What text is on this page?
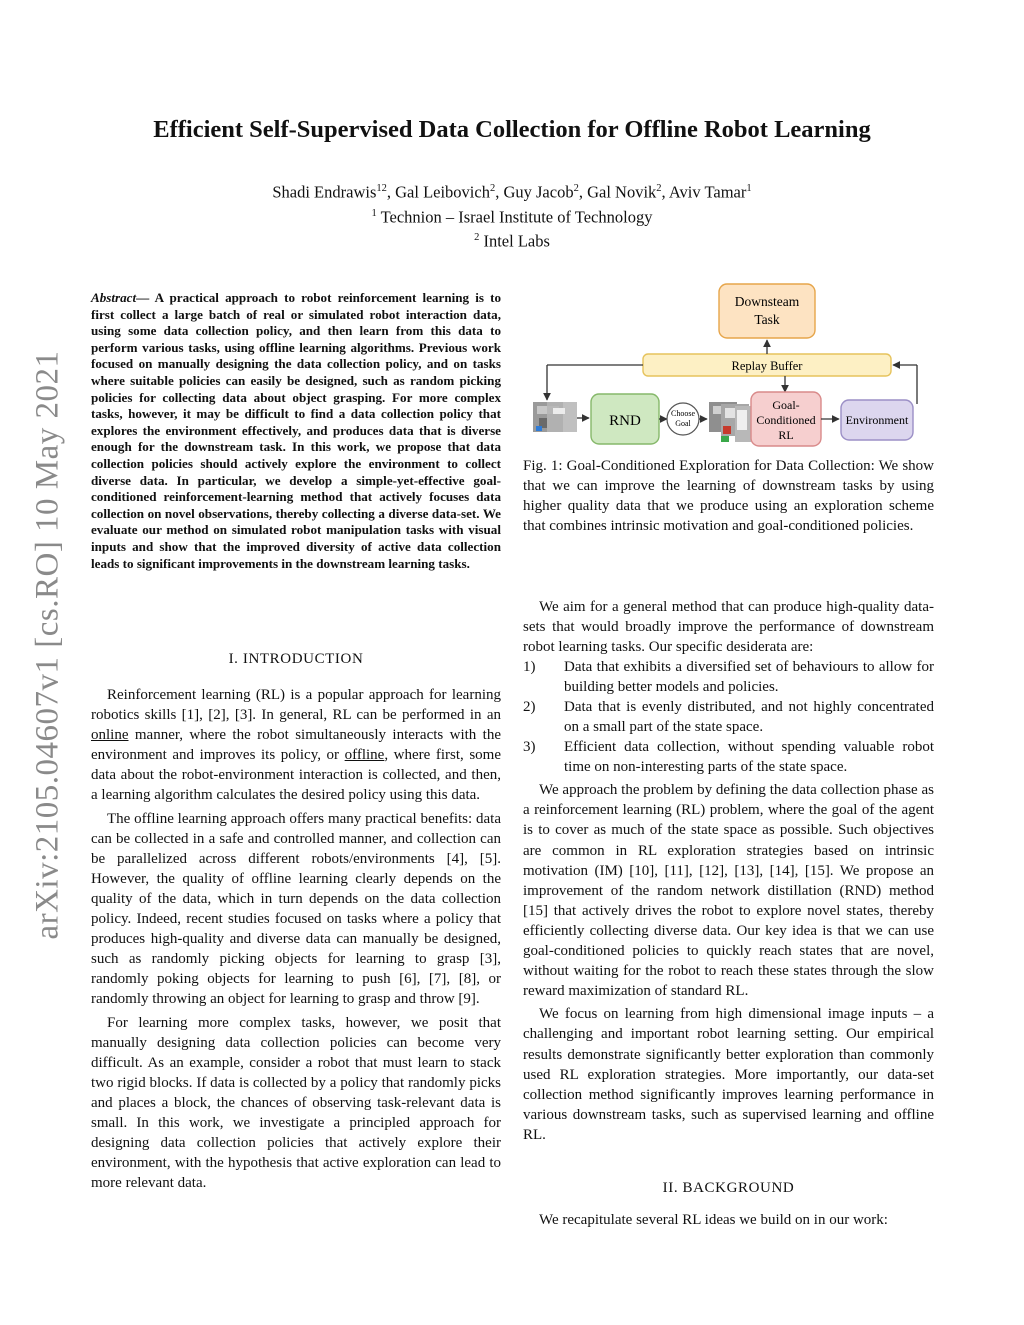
arXiv:2105.04607v1 [cs.RO] 10 May 2021
Efficient Self-Supervised Data Collection for Offline Robot Learning
Shadi Endrawis$^{12}$, Gal Leibovich$^2$, Guy Jacob$^2$, Gal Novik$^2$, Aviv Tamar$^1$
$^1$ Technion – Israel Institute of Technology
$^2$ Intel Labs
Abstract— A practical approach to robot reinforcement learning is to first collect a large batch of real or simulated robot interaction data, using some data collection policy, and then learn from this data to perform various tasks, using offline learning algorithms. Previous work focused on manually designing the data collection policy, and on tasks where suitable policies can easily be designed, such as random picking policies for collecting data about object grasping. For more complex tasks, however, it may be difficult to find a data collection policy that explores the environment effectively, and produces data that is diverse enough for the downstream task. In this work, we propose that data collection policies should actively explore the environment to collect diverse data. In particular, we develop a simple-yet-effective goal-conditioned reinforcement-learning method that actively focuses data collection on novel observations, thereby collecting a diverse data-set. We evaluate our method on simulated robot manipulation tasks with visual inputs and show that the improved diversity of active data collection leads to significant improvements in the downstream learning tasks.

I. INTRODUCTION

Reinforcement learning (RL) is a popular approach for learning robotics skills [1], [2], [3]. In general, RL can be performed in an online manner, where the robot simultaneously interacts with the environment and improves its policy, or offline, where first, some data about the robot-environment interaction is collected, and then, a learning algorithm calculates the desired policy using this data.

The offline learning approach offers many practical benefits: data can be collected in a safe and controlled manner, and collection can be parallelized across different robots/environments [4], [5]. However, the quality of offline learning clearly depends on the quality of the data, which in turn depends on the data collection policy. Indeed, recent studies focused on tasks where a policy that produces high-quality and diverse data can manually be designed, such as randomly picking objects for learning to grasp [3], randomly poking objects for learning to push [6], [7], [8], or randomly throwing an object for learning to grasp and throw [9].

For learning more complex tasks, however, we posit that manually designing data collection policies can become very difficult. As an example, consider a robot that must learn to stack two rigid blocks. If data is collected by a policy that randomly picks and places a block, the chances of observing task-relevant data is small. In this work, we investigate a principled approach for designing data collection policies that actively explore their environment, with the hypothesis that active exploration can lead to more relevant data.

Downsteam
Task
Replay Buffer
RND	Choose
Goal
Goal-
Conditioned
RL
Environment
Fig. 1: Goal-Conditioned Exploration for Data Collection: We show that we can improve the learning of downstream tasks by using higher quality data that we produce using an exploration scheme that combines intrinsic motivation and goal-conditioned policies.

We aim for a general method that can produce high-quality data-sets that would broadly improve the performance of downstream robot learning tasks. Our specific desiderata are:

1) Data that exhibits a diversified set of behaviours to allow for building better models and policies.
2) Data that is evenly distributed, and not highly concentrated on a small part of the state space.
3) Efficient data collection, without spending valuable robot time on non-interesting parts of the state space.

We approach the problem by defining the data collection phase as a reinforcement learning (RL) problem, where the goal of the agent is to cover as much of the state space as possible. Such objectives are common in RL exploration strategies based on intrinsic motivation (IM) [10], [11], [12], [13], [14], [15]. We propose an improvement of the random network distillation (RND) method [15] that actively drives the robot to explore novel states, thereby efficiently collecting diverse data. Our key idea is that we can use goal-conditioned policies to quickly reach states that are novel, without waiting for the robot to reach these states through the slow reward maximization of standard RL.

We focus on learning from high dimensional image inputs – a challenging and important robot learning setting. Our empirical results demonstrate significantly better exploration than commonly used RL exploration strategies. More importantly, our data-set collection method significantly improves learning performance in various downstream tasks, such as supervised learning and offline RL.

II. BACKGROUND

We recapitulate several RL ideas we build on in our work:
